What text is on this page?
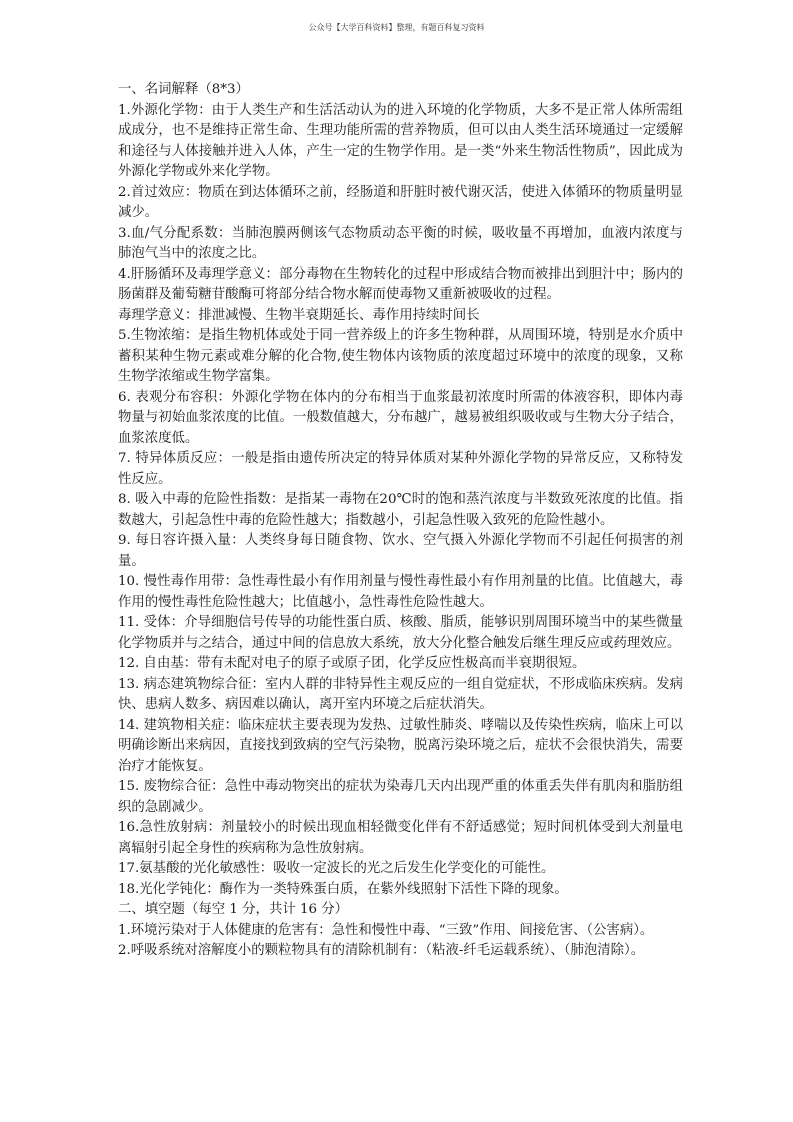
公众号【大学百科资料】整理，有题百科复习资料

一、名词解释（8*3）

1.外源化学物：由于人类生产和生活活动认为的进入环境的化学物质，大多不是正常人体所需组成成分，也不是维持正常生命、生理功能所需的营养物质，但可以由人类生活环境通过一定缓解和途径与人体接触并进入人体，产生一定的生物学作用。是一类“外来生物活性物质”，因此成为外源化学物或外来化学物。

2.首过效应：物质在到达体循环之前，经肠道和肝脏时被代谢灭活，使进入体循环的物质量明显减少。

3.血/气分配系数：当肺泡膜两侧该气态物质动态平衡的时候，吸收量不再增加，血液内浓度与肺泡气当中的浓度之比。

4.肝肠循环及毒理学意义：部分毒物在生物转化的过程中形成结合物而被排出到胆汁中；肠内的肠菌群及葡萄糖苷酸酶可将部分结合物水解而使毒物又重新被吸收的过程。

毒理学意义：排泄减慢、生物半衰期延长、毒作用持续时间长

5.生物浓缩：是指生物机体或处于同一营养级上的许多生物种群，从周围环境，特别是水介质中蓄积某种生物元素或难分解的化合物,使生物体内该物质的浓度超过环境中的浓度的现象，又称生物学浓缩或生物学富集。

6. 表观分布容积：外源化学物在体内的分布相当于血浆最初浓度时所需的体液容积，即体内毒物量与初始血浆浓度的比值。一般数值越大，分布越广，越易被组织吸收或与生物大分子结合，血浆浓度低。

7. 特异体质反应：一般是指由遗传所决定的特异体质对某种外源化学物的异常反应，又称特发性反应。

8. 吸入中毒的危险性指数：是指某一毒物在20℃时的饱和蒸汽浓度与半数致死浓度的比值。指数越大，引起急性中毒的危险性越大；指数越小，引起急性吸入致死的危险性越小。

9. 每日容许摄入量：人类终身每日随食物、饮水、空气摄入外源化学物而不引起任何损害的剂量。

10. 慢性毒作用带：急性毒性最小有作用剂量与慢性毒性最小有作用剂量的比值。比值越大，毒作用的慢性毒性危险性越大；比值越小，急性毒性危险性越大。

11. 受体：介导细胞信号传导的功能性蛋白质、核酸、脂质，能够识别周围环境当中的某些微量化学物质并与之结合，通过中间的信息放大系统，放大分化整合触发后继生理反应或药理效应。

12. 自由基：带有未配对电子的原子或原子团，化学反应性极高而半衰期很短。

13. 病态建筑物综合征：室内人群的非特异性主观反应的一组自觉症状，不形成临床疾病。发病快、患病人数多、病因难以确认，离开室内环境之后症状消失。

14. 建筑物相关症：临床症状主要表现为发热、过敏性肺炎、哮喘以及传染性疾病，临床上可以明确诊断出来病因，直接找到致病的空气污染物，脱离污染环境之后，症状不会很快消失，需要治疗才能恢复。

15. 废物综合征：急性中毒动物突出的症状为染毒几天内出现严重的体重丢失伴有肌肉和脂肪组织的急剧减少。

16.急性放射病：剂量较小的时候出现血相轻微变化伴有不舒适感觉；短时间机体受到大剂量电离辐射引起全身性的疾病称为急性放射病。

17.氨基酸的光化敏感性：吸收一定波长的光之后发生化学变化的可能性。

18.光化学钝化：酶作为一类特殊蛋白质，在紫外线照射下活性下降的现象。

二、填空题（每空 1 分，共计 16 分）

1.环境污染对于人体健康的危害有：急性和慢性中毒、“三致”作用、间接危害、（公害病）。

2.呼吸系统对溶解度小的颗粒物具有的清除机制有：（粘液-纤毛运载系统）、（肺泡清除）。
